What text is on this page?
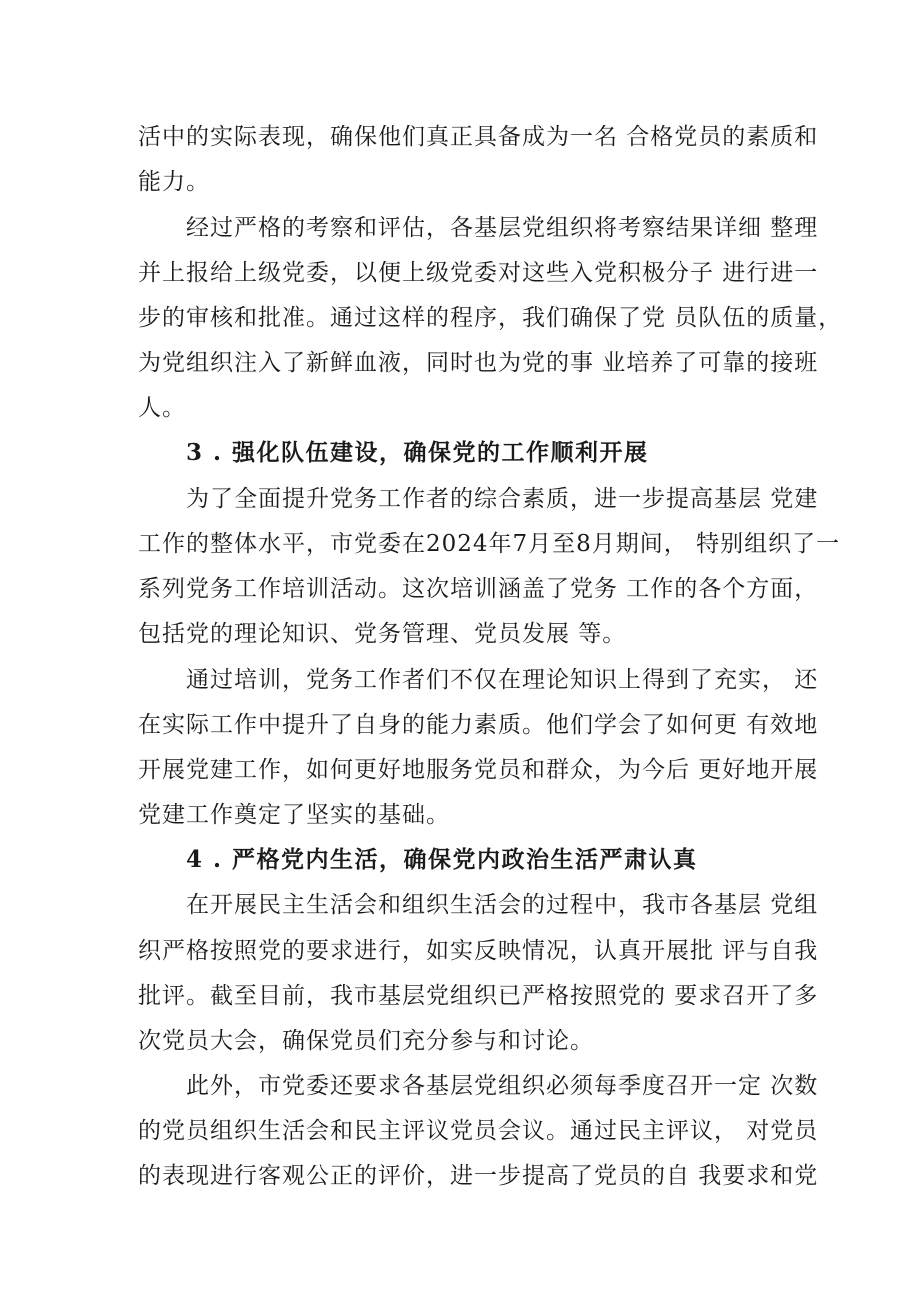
活中的实际表现，确保他们真正具备成为一名 合格党员的素质和
能力。
经过严格的考察和评估，各基层党组织将考察结果详细 整理
并上报给上级党委，以便上级党委对这些入党积极分子 进行进一
步的审核和批准。通过这样的程序，我们确保了党 员队伍的质量，
为党组织注入了新鲜血液，同时也为党的事 业培养了可靠的接班
人。
3 . 强化队伍建设，确保党的工作顺利开展
为了全面提升党务工作者的综合素质，进一步提高基层 党建
工作的整体水平，市党委在2024年7月至8月期间， 特别组织了一
系列党务工作培训活动。这次培训涵盖了党务 工作的各个方面，
包括党的理论知识、党务管理、党员发展 等。
通过培训，党务工作者们不仅在理论知识上得到了充实， 还
在实际工作中提升了自身的能力素质。他们学会了如何更 有效地
开展党建工作，如何更好地服务党员和群众，为今后 更好地开展
党建工作奠定了坚实的基础。
4 . 严格党内生活，确保党内政治生活严肃认真
在开展民主生活会和组织生活会的过程中，我市各基层 党组
织严格按照党的要求进行，如实反映情况，认真开展批 评与自我
批评。截至目前，我市基层党组织已严格按照党的 要求召开了多
次党员大会，确保党员们充分参与和讨论。
此外，市党委还要求各基层党组织必须每季度召开一定 次数
的党员组织生活会和民主评议党员会议。通过民主评议， 对党员
的表现进行客观公正的评价，进一步提高了党员的自 我要求和党
